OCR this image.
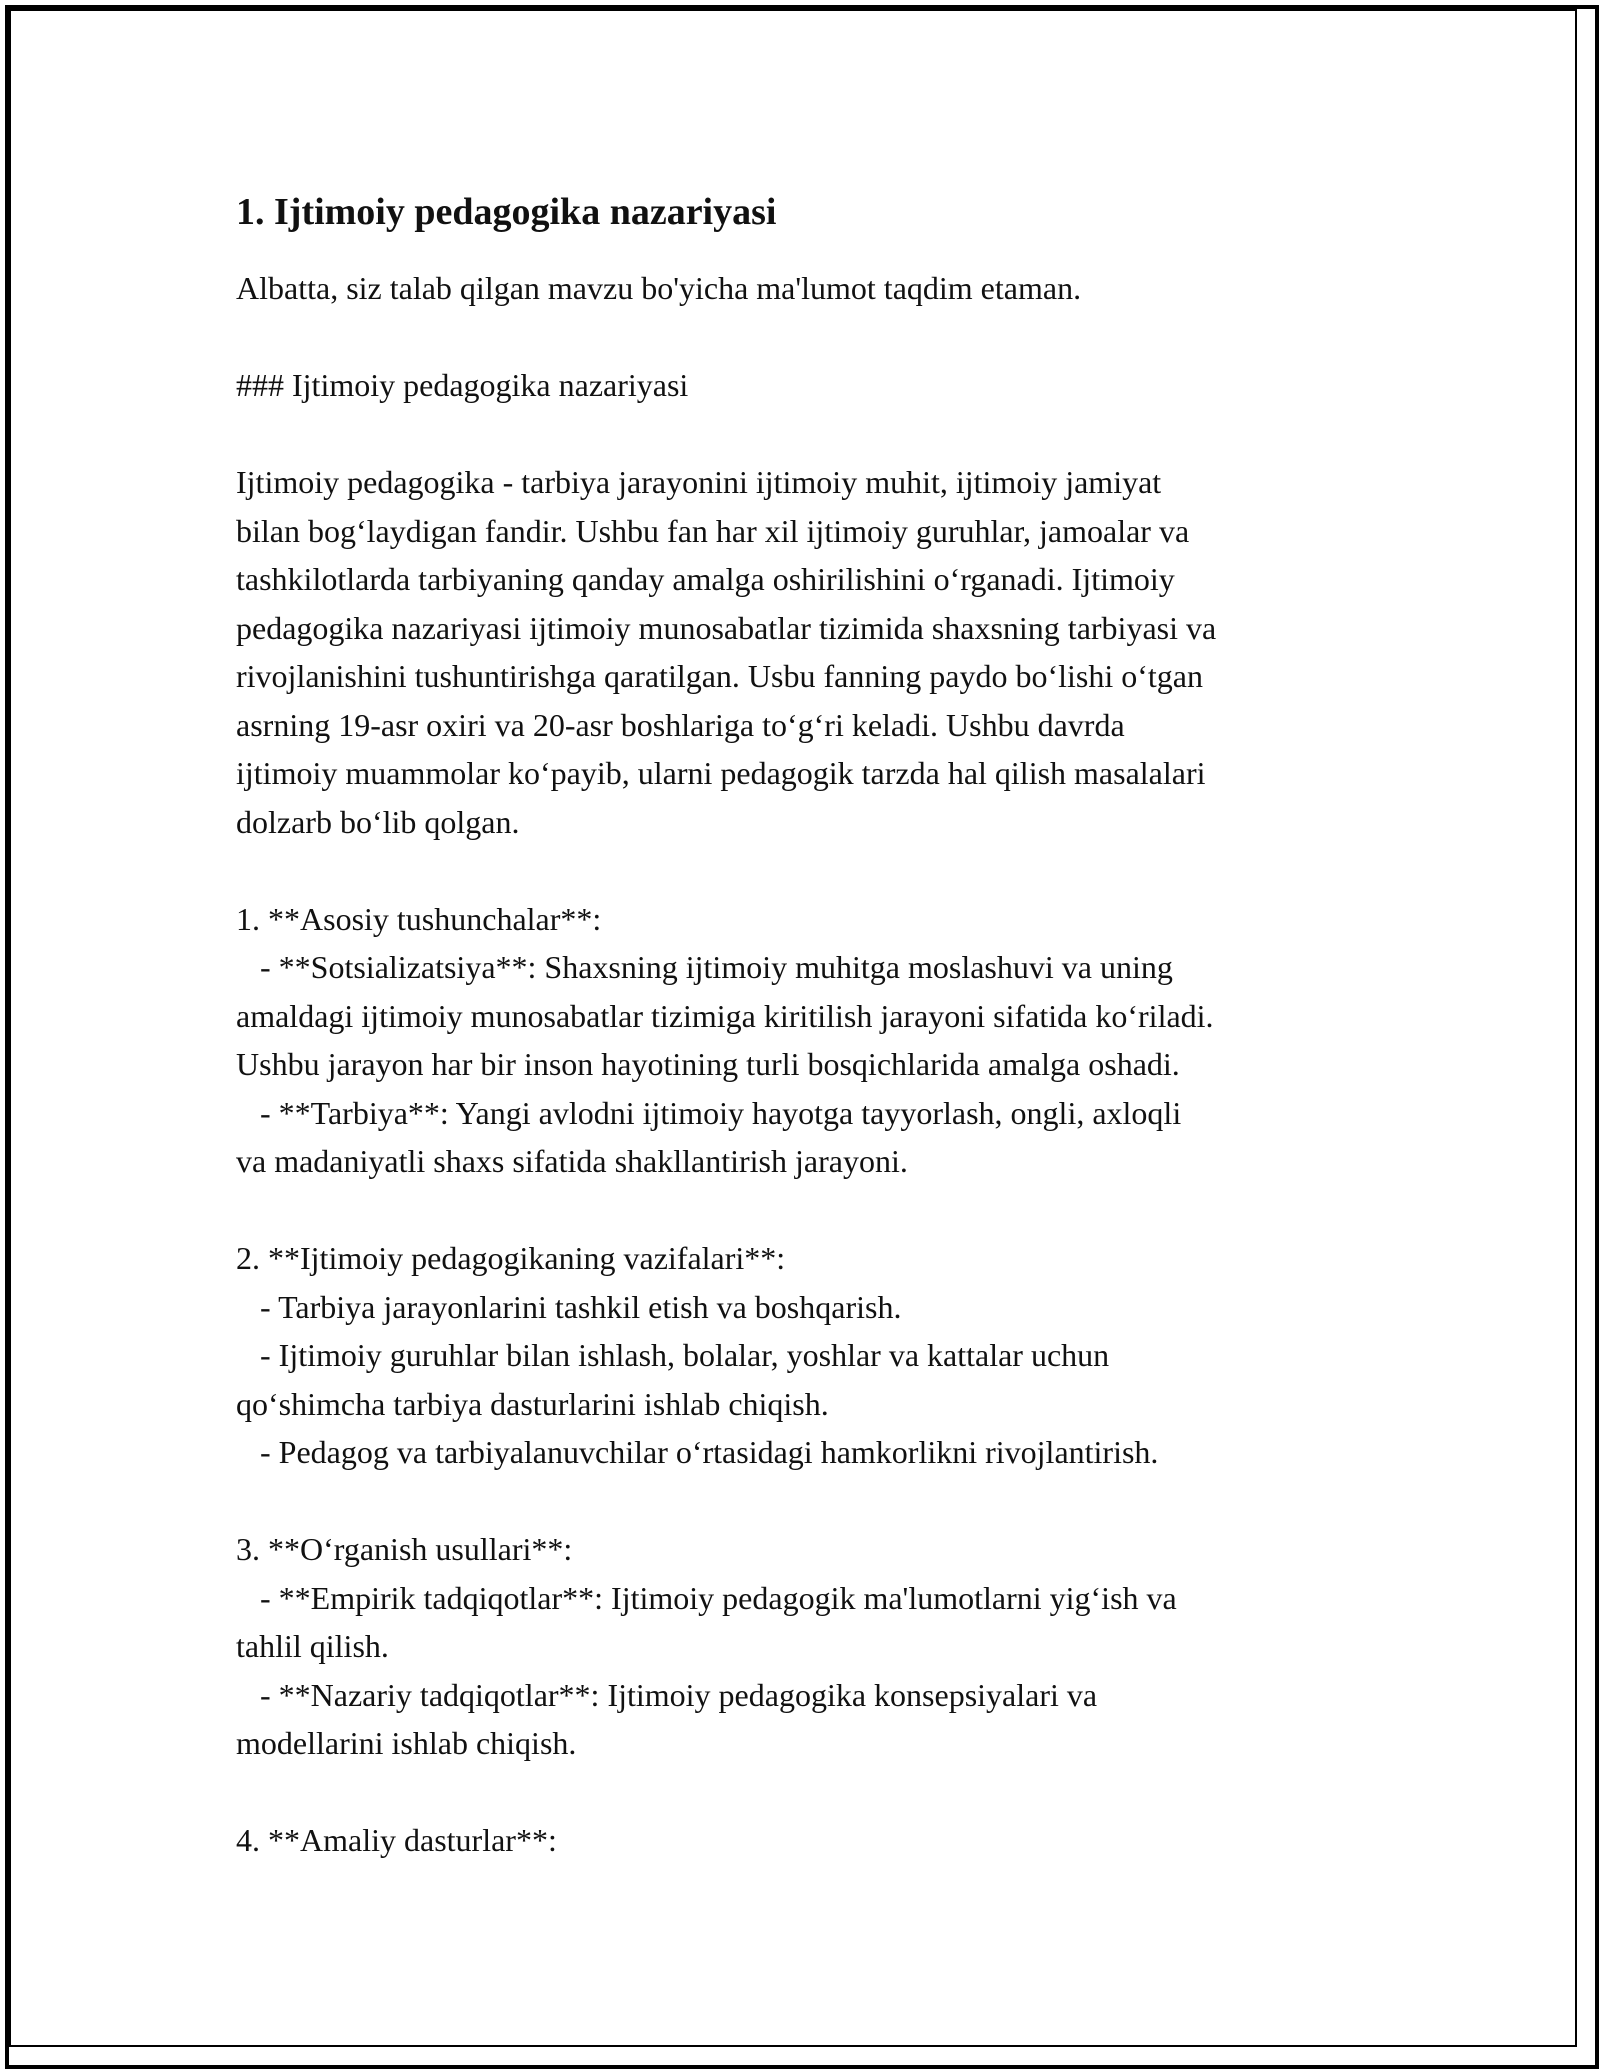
1. Ijtimoiy pedagogika nazariyasi

Albatta, siz talab qilgan mavzu bo'yicha ma'lumot taqdim etaman.

### Ijtimoiy pedagogika nazariyasi

Ijtimoiy pedagogika - tarbiya jarayonini ijtimoiy muhit, ijtimoiy jamiyat

bilan bog‘laydigan fandir. Ushbu fan har xil ijtimoiy guruhlar, jamoalar va

tashkilotlarda tarbiyaning qanday amalga oshirilishini o‘rganadi. Ijtimoiy

pedagogika nazariyasi ijtimoiy munosabatlar tizimida shaxsning tarbiyasi va

rivojlanishini tushuntirishga qaratilgan. Usbu fanning paydo bo‘lishi o‘tgan

asrning 19-asr oxiri va 20-asr boshlariga to‘g‘ri keladi. Ushbu davrda

ijtimoiy muammolar ko‘payib, ularni pedagogik tarzda hal qilish masalalari

dolzarb bo‘lib qolgan.

1. **Asosiy tushunchalar**:

- **Sotsializatsiya**: Shaxsning ijtimoiy muhitga moslashuvi va uning

amaldagi ijtimoiy munosabatlar tizimiga kiritilish jarayoni sifatida ko‘riladi.

Ushbu jarayon har bir inson hayotining turli bosqichlarida amalga oshadi.

- **Tarbiya**: Yangi avlodni ijtimoiy hayotga tayyorlash, ongli, axloqli

va madaniyatli shaxs sifatida shakllantirish jarayoni.

2. **Ijtimoiy pedagogikaning vazifalari**:

- Tarbiya jarayonlarini tashkil etish va boshqarish.

- Ijtimoiy guruhlar bilan ishlash, bolalar, yoshlar va kattalar uchun

qo‘shimcha tarbiya dasturlarini ishlab chiqish.

- Pedagog va tarbiyalanuvchilar o‘rtasidagi hamkorlikni rivojlantirish.

3. **O‘rganish usullari**:

- **Empirik tadqiqotlar**: Ijtimoiy pedagogik ma'lumotlarni yig‘ish va

tahlil qilish.

- **Nazariy tadqiqotlar**: Ijtimoiy pedagogika konsepsiyalari va

modellarini ishlab chiqish.

4. **Amaliy dasturlar**:
